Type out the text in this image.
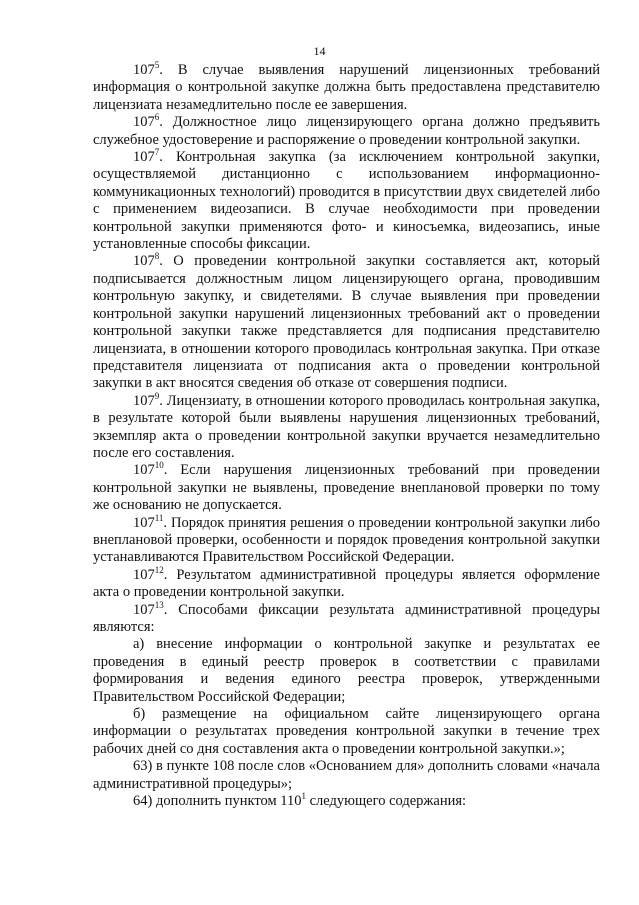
14

$107^5$. В случае выявления нарушений лицензионных требований информация о контрольной закупке должна быть предоставлена представителю лицензиата незамедлительно после ее завершения.

$107^6$. Должностное лицо лицензирующего органа должно предъявить служебное удостоверение и распоряжение о проведении контрольной закупки.

$107^7$. Контрольная закупка (за исключением контрольной закупки, осуществляемой дистанционно с использованием информационно-коммуникационных технологий) проводится в присутствии двух свидетелей либо с применением видеозаписи. В случае необходимости при проведении контрольной закупки применяются фото- и киносъемка, видеозапись, иные установленные способы фиксации.

$107^8$. О проведении контрольной закупки составляется акт, который подписывается должностным лицом лицензирующего органа, проводившим контрольную закупку, и свидетелями. В случае выявления при проведении контрольной закупки нарушений лицензионных требований акт о проведении контрольной закупки также представляется для подписания представителю лицензиата, в отношении которого проводилась контрольная закупка. При отказе представителя лицензиата от подписания акта о проведении контрольной закупки в акт вносятся сведения об отказе от совершения подписи.

$107^9$. Лицензиату, в отношении которого проводилась контрольная закупка, в результате которой были выявлены нарушения лицензионных требований, экземпляр акта о проведении контрольной закупки вручается незамедлительно после его составления.

$107^{10}$. Если нарушения лицензионных требований при проведении контрольной закупки не выявлены, проведение внеплановой проверки по тому же основанию не допускается.

$107^{11}$. Порядок принятия решения о проведении контрольной закупки либо внеплановой проверки, особенности и порядок проведения контрольной закупки устанавливаются Правительством Российской Федерации.

$107^{12}$. Результатом административной процедуры является оформление акта о проведении контрольной закупки.

$107^{13}$. Способами фиксации результата административной процедуры являются:

а) внесение информации о контрольной закупке и результатах ее проведения в единый реестр проверок в соответствии с правилами формирования и ведения единого реестра проверок, утвержденными Правительством Российской Федерации;

б) размещение на официальном сайте лицензирующего органа информации о результатах проведения контрольной закупки в течение трех рабочих дней со дня составления акта о проведении контрольной закупки.»;

63) в пункте 108 после слов «Основанием для» дополнить словами «начала административной процедуры»;

64) дополнить пунктом $110^1$ следующего содержания:
